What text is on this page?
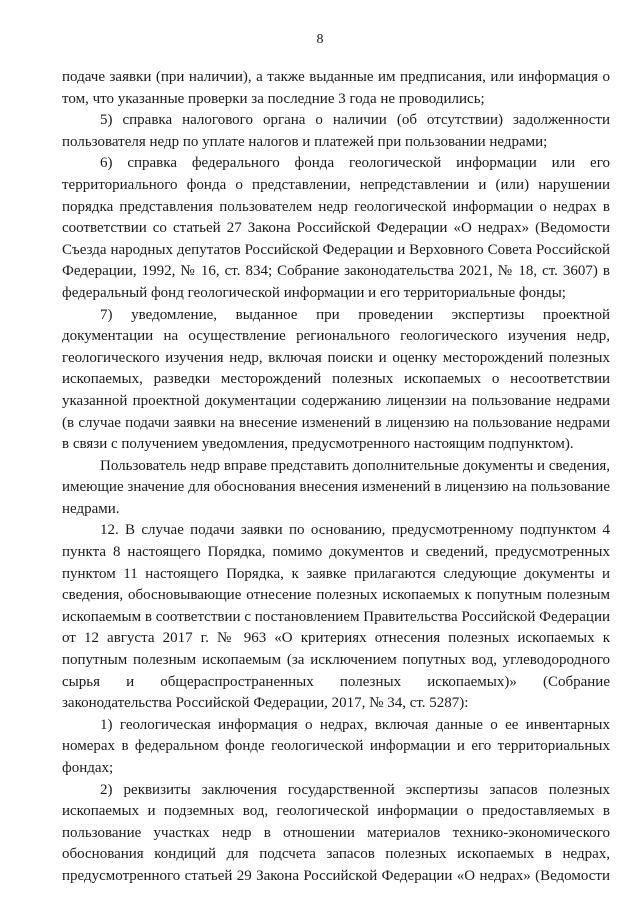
8

подаче заявки (при наличии), а также выданные им предписания, или информация о том, что указанные проверки за последние 3 года не проводились;

5) справка налогового органа о наличии (об отсутствии) задолженности пользователя недр по уплате налогов и платежей при пользовании недрами;

6) справка федерального фонда геологической информации или его территориального фонда о представлении, непредставлении и (или) нарушении порядка представления пользователем недр геологической информации о недрах в соответствии со статьей 27 Закона Российской Федерации «О недрах» (Ведомости Съезда народных депутатов Российской Федерации и Верховного Совета Российской Федерации, 1992, № 16, ст. 834; Собрание законодательства 2021, № 18, ст. 3607) в федеральный фонд геологической информации и его территориальные фонды;

7) уведомление, выданное при проведении экспертизы проектной документации на осуществление регионального геологического изучения недр, геологического изучения недр, включая поиски и оценку месторождений полезных ископаемых, разведки месторождений полезных ископаемых о несоответствии указанной проектной документации содержанию лицензии на пользование недрами (в случае подачи заявки на внесение изменений в лицензию на пользование недрами в связи с получением уведомления, предусмотренного настоящим подпунктом).

Пользователь недр вправе представить дополнительные документы и сведения, имеющие значение для обоснования внесения изменений в лицензию на пользование недрами.

12. В случае подачи заявки по основанию, предусмотренному подпунктом 4 пункта 8 настоящего Порядка, помимо документов и сведений, предусмотренных пунктом 11 настоящего Порядка, к заявке прилагаются следующие документы и сведения, обосновывающие отнесение полезных ископаемых к попутным полезным ископаемым в соответствии с постановлением Правительства Российской Федерации от 12 августа 2017 г. № 963 «О критериях отнесения полезных ископаемых к попутным полезным ископаемым (за исключением попутных вод, углеводородного сырья и общераспространенных полезных ископаемых)» (Собрание законодательства Российской Федерации, 2017, № 34, ст. 5287):

1) геологическая информация о недрах, включая данные о ее инвентарных номерах в федеральном фонде геологической информации и его территориальных фондах;

2) реквизиты заключения государственной экспертизы запасов полезных ископаемых и подземных вод, геологической информации о предоставляемых в пользование участках недр в отношении материалов технико-экономического обоснования кондиций для подсчета запасов полезных ископаемых в недрах, предусмотренного статьей 29 Закона Российской Федерации «О недрах» (Ведомости
